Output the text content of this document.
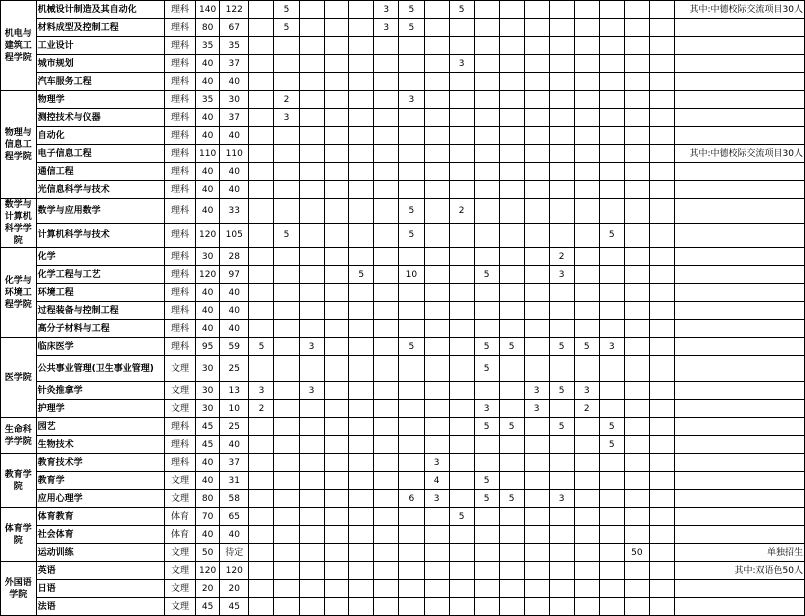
机电与建筑工程学院	机械设计制造及其自动化	理科	140	122		5				3	5		5									其中:中德校际交流项目30人
	材料成型及控制工程	理科	80	67		5				3	5											
	工业设计	理科	35	35																		
	城市规划	理科	40	37									3									
	汽车服务工程	理科	40	40																		
物理与信息工程学院	物理学	理科	35	30		2					3											
	测控技术与仪器	理科	40	37		3																
	自动化	理科	40	40																		
	电子信息工程	理科	110	110																		其中:中德校际交流项目30人
	通信工程	理科	40	40																		
	光信息科学与技术	理科	40	40																		
数学与计算机科学学院	数学与应用数学	理科	40	33							5		2									
	计算机科学与技术	理科	120	105		5					5								5			
化学与环境工程学院	化学	理科	30	28													2					
	化学工程与工艺	理科	120	97					5		10			5			3					
	环境工程	理科	40	40																		
	过程装备与控制工程	理科	40	40																		
	高分子材料与工程	理科	40	40																		
医学院	临床医学	理科	95	59	5		3				5			5	5		5	5	3			
	公共事业管理(卫生事业管理)	文理	30	25										5								
	针灸推拿学	文理	30	13	3		3									3	5	3				
	护理学	文理	30	10	2									3		3		2				
生命科学学院	园艺	理科	45	25										5	5		5		5			
	生物技术	理科	45	40															5			
教育学院	教育技术学	理科	40	37								3										
	教育学	文理	40	31								4		5								
	应用心理学	文理	80	58							6	3		5	5		3					
体育学院	体育教育	体育	70	65									5									
	社会体育	体育	40	40																		
	运动训练	文理	50	待定																50		单独招生
外国语学院	英语	文理	120	120																		其中:双语色50人
	日语	文理	20	20																		
	法语	文理	45	45																		
